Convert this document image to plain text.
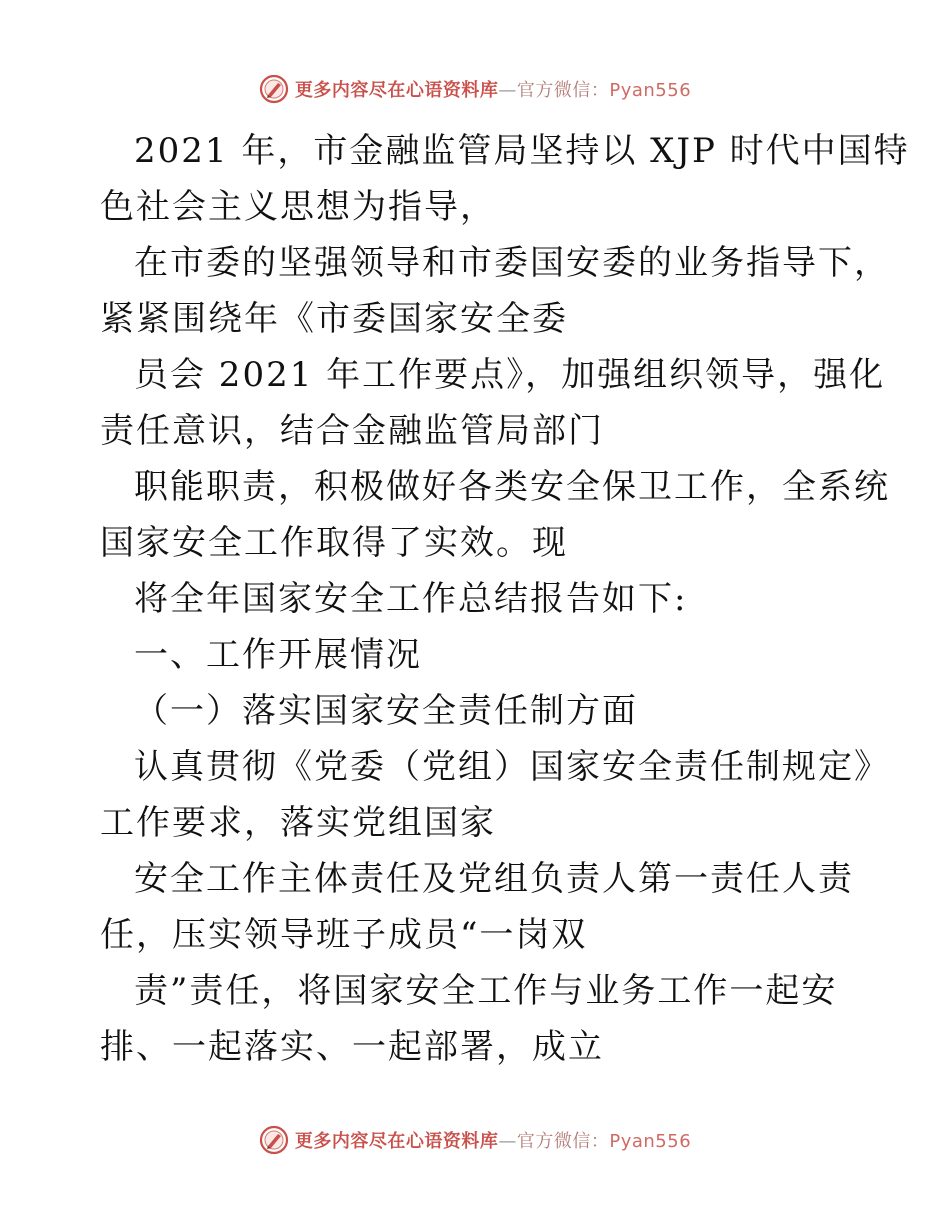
更多内容尽在心语资料库—官方微信：Pyan556
2021 年，市金融监管局坚持以 XJP 时代中国特
色社会主义思想为指导，
在市委的坚强领导和市委国安委的业务指导下，
紧紧围绕年《市委国家安全委
员会 2021 年工作要点》，加强组织领导，强化
责任意识，结合金融监管局部门
职能职责，积极做好各类安全保卫工作，全系统
国家安全工作取得了实效。现
将全年国家安全工作总结报告如下:
一、工作开展情况
（一）落实国家安全责任制方面
认真贯彻《党委（党组）国家安全责任制规定》
工作要求，落实党组国家
安全工作主体责任及党组负责人第一责任人责
任，压实领导班子成员“一岗双
责”责任，将国家安全工作与业务工作一起安
排、一起落实、一起部署，成立
更多内容尽在心语资料库—官方微信：Pyan556
